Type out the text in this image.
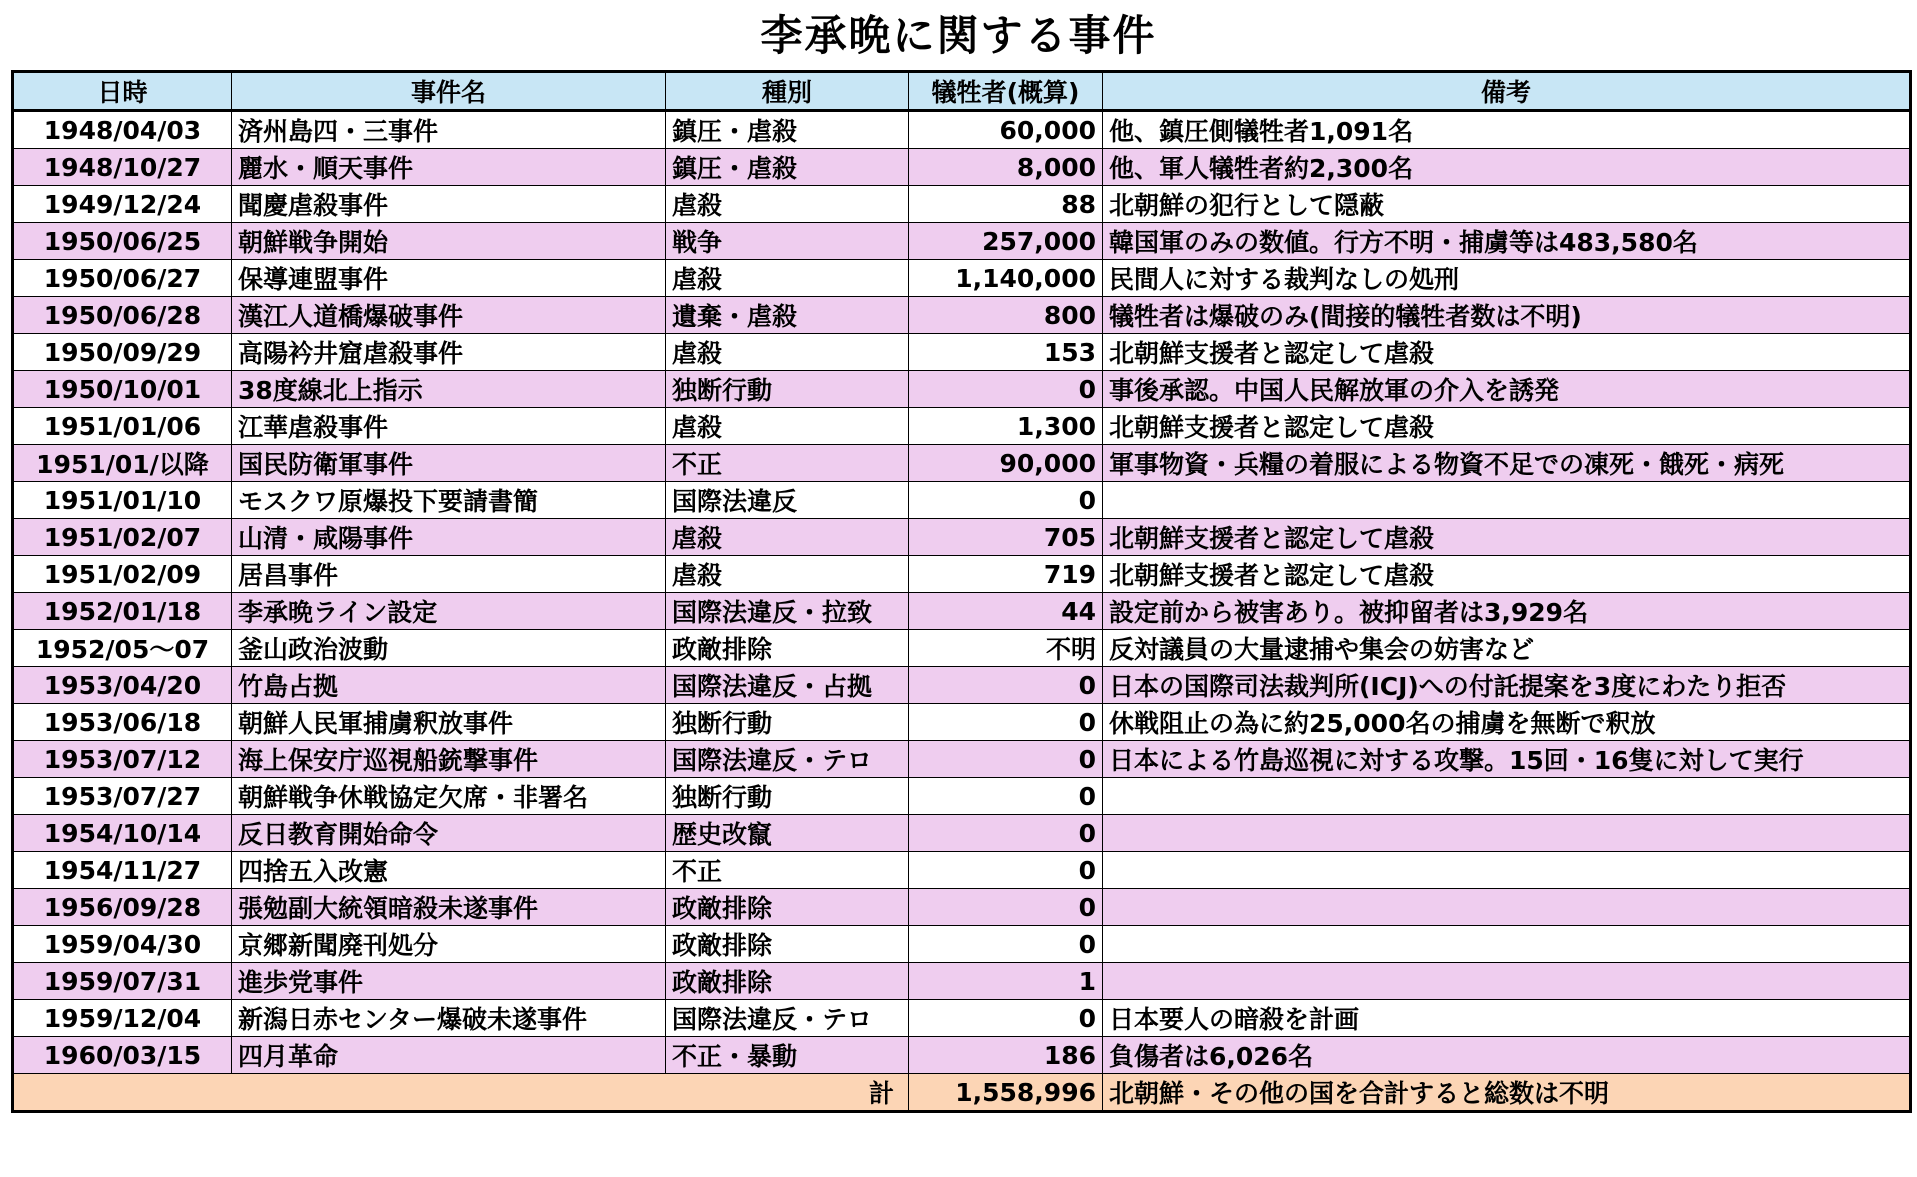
李承晩に関する事件
日時	事件名	種別	犠牲者(概算)	備考
1948/04/03	済州島四・三事件	鎮圧・虐殺	60,000	他、鎮圧側犠牲者1,091名
1948/10/27	麗水・順天事件	鎮圧・虐殺	8,000	他、軍人犠牲者約2,300名
1949/12/24	聞慶虐殺事件	虐殺	88	北朝鮮の犯行として隠蔽
1950/06/25	朝鮮戦争開始	戦争	257,000	韓国軍のみの数値。行方不明・捕虜等は483,580名
1950/06/27	保導連盟事件	虐殺	1,140,000	民間人に対する裁判なしの処刑
1950/06/28	漢江人道橋爆破事件	遺棄・虐殺	800	犠牲者は爆破のみ(間接的犠牲者数は不明)
1950/09/29	高陽衿井窟虐殺事件	虐殺	153	北朝鮮支援者と認定して虐殺
1950/10/01	38度線北上指示	独断行動	0	事後承認。中国人民解放軍の介入を誘発
1951/01/06	江華虐殺事件	虐殺	1,300	北朝鮮支援者と認定して虐殺
1951/01/以降	国民防衛軍事件	不正	90,000	軍事物資・兵糧の着服による物資不足での凍死・餓死・病死
1951/01/10	モスクワ原爆投下要請書簡	国際法違反	0	
1951/02/07	山清・咸陽事件	虐殺	705	北朝鮮支援者と認定して虐殺
1951/02/09	居昌事件	虐殺	719	北朝鮮支援者と認定して虐殺
1952/01/18	李承晩ライン設定	国際法違反・拉致	44	設定前から被害あり。被抑留者は3,929名
1952/05～07	釜山政治波動	政敵排除	不明	反対議員の大量逮捕や集会の妨害など
1953/04/20	竹島占拠	国際法違反・占拠	0	日本の国際司法裁判所(ICJ)への付託提案を3度にわたり拒否
1953/06/18	朝鮮人民軍捕虜釈放事件	独断行動	0	休戦阻止の為に約25,000名の捕虜を無断で釈放
1953/07/12	海上保安庁巡視船銃撃事件	国際法違反・テロ	0	日本による竹島巡視に対する攻撃。15回・16隻に対して実行
1953/07/27	朝鮮戦争休戦協定欠席・非署名	独断行動	0	
1954/10/14	反日教育開始命令	歴史改竄	0	
1954/11/27	四捨五入改憲	不正	0	
1956/09/28	張勉副大統領暗殺未遂事件	政敵排除	0	
1959/04/30	京郷新聞廃刊処分	政敵排除	0	
1959/07/31	進歩党事件	政敵排除	1	
1959/12/04	新潟日赤センター爆破未遂事件	国際法違反・テロ	0	日本要人の暗殺を計画
1960/03/15	四月革命	不正・暴動	186	負傷者は6,026名
計			1,558,996	北朝鮮・その他の国を合計すると総数は不明
